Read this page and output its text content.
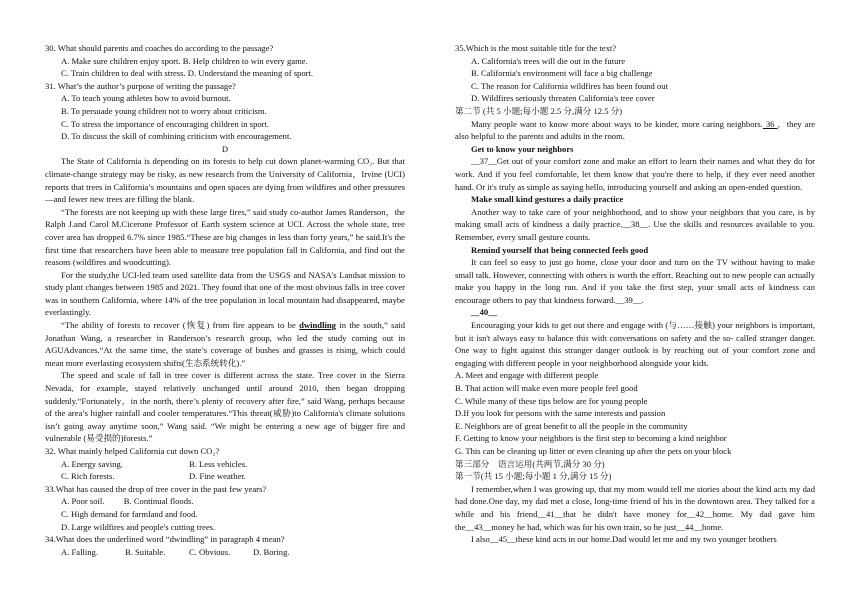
30. What should parents and coaches do according to the passage?

A. Make sure children enjoy sport. B. Help children to win every game.

C. Train children to deal with stress. D. Understand the meaning of sport.

31. What’s the author’s purpose of writing the passage?

A. To teach young athletes how to avoid burnout.

B. To persuade young children not to worry about criticism.

C. To stress the importance of encouraging children in sport.

D. To discuss the skill of combining criticism with encouragement.

D

The State of California is depending on its forests to help cut down planet-warming CO₂. But that climate-change strategy may be risky, as new research from the University of California，Irvine (UCI) reports that trees in California’s mountains and open spaces are dying from wildfires and other pressures—and fewer new trees are filling the blank.

“The forests are not keeping up with these large fires,” said study co-author James Randerson，the Ralph J.and Carol M.Cicerone Professor of Earth system science at UCI. Across the whole state, tree cover area has dropped 6.7% since 1985.“These are big changes in less than forty years,” he said.It's the first time that researchers have been able to measure tree population fall in California, and find out the reasons (wildfires and woodcutting).

For the study,the UCI-led team used satellite data from the USGS and NASA's Landsat mission to study plant changes between 1985 and 2021. They found that one of the most obvious falls in tree cover was in southern California, where 14% of the tree population in local mountain had disappeared, maybe everlastingly.

“The ability of forests to recover (恢复) from fire appears to be dwindling in the south,” said Jonathan Wang, a researcher in Randerson’s research group, who led the study coming out in AGUAdvances.“At the same time, the state’s coverage of bushes and grasses is rising, which could mean more everlasting ecosystem shifts(生态系统转化).”

The speed and scale of fall in tree cover is different across the state. Tree cover in the Sierra Nevada, for example, stayed relatively unchanged until around 2010, then began dropping suddenly.“Fortunately，in the north, there’s plenty of recovery after fire,” said Wang, perhaps because of the area’s higher rainfall and cooler temperatures.“This threat(威胁)to California's climate solutions isn’t going away anytime soon,” Wang said. “We might be entering a new age of bigger fire and vulnerable (易受损的)forests.”

32. What mainly helped California cut down CO₂?

A. Energy saving.	B. Less vehicles.

C. Rich forests.	D. Fine weather.

33.What has caused the drop of tree cover in the past few years?

A. Poor soil.         B. Continual floods.

C. High demand for farmland and food.

D. Large wildfires and people's cutting trees.

34.What does the underlined word “dwindling” in paragraph 4 mean?

A. Falling.	B. Suitable.	C. Obvious.	D. Boring.

35.Which is the most suitable title for the text?

A. California's trees will die out in the future

B. California's environment will face a big challenge

C. The reason for California wildfires has been found out

D. Wildfires seriously threaten California's tree cover

第二节 (共 5 小题;每小题 2.5 分,满分 12.5 分)

Many people want to know more about ways to be kinder, more caring neighbors. 36 ，they are also helpful to the parents and adults in the room.

Get to know your neighbors

__37__Get out of your comfort zone and make an effort to learn their names and what they do for work. And if you feel comfortable, let them know that you're there to help, if they ever need another hand. Or it's truly as simple as saying hello, introducing yourself and asking an open-ended question.

Make small kind gestures a daily practice

Another way to take care of your neighborhood, and to show your neighbors that you care, is by making small acts of kindness a daily practice.__38__. Use the skills and resources available to you. Remember, every small gesture counts.

Remind yourself that being connected feels good

It can feel so easy to just go home, close your door and turn on the TV without having to make small talk. However, connecting with others is worth the effort. Reaching out to new people can actually make you happy in the long run. And if you take the first step, your small acts of kindness can encourage others to pay that kindness forward.__39__.

__40__

Encouraging your kids to get out there and engage with (与……接触) your neighbors is important, but it isn't always easy to balance this with conversations on safety and the so- called stranger danger. One way to fight against this stranger danger outlook is by reaching out of your comfort zone and engaging with different people in your neighborhood alongside your kids.

A. Meet and engage with different people

B. That action will make even more people feel good

C. While many of these tips below are for young people

D.If you look for persons with the same interests and passion

E. Neighbors are of great benefit to all the people in the community

F. Getting to know your neighbors is the first step to becoming a kind neighbor

G. This can be cleaning up litter or even cleaning up after the pets on your block

第三部分　语言运用(共两节,满分 30 分)

第一节(共 15 小题;每小题 1 分,满分 15 分)

I remember,when I was growing up, that my mom would tell me stories about the kind acts my dad had done.One day, my dad met a close, long-time friend of his in the downtown area. They talked for a while and his friend__41__that he didn't have money for__42__home. My dad gave him the__43__money he had, which was for his own train, so he just__44__home.

I also__45__these kind acts in our home.Dad would let me and my two younger brothers
